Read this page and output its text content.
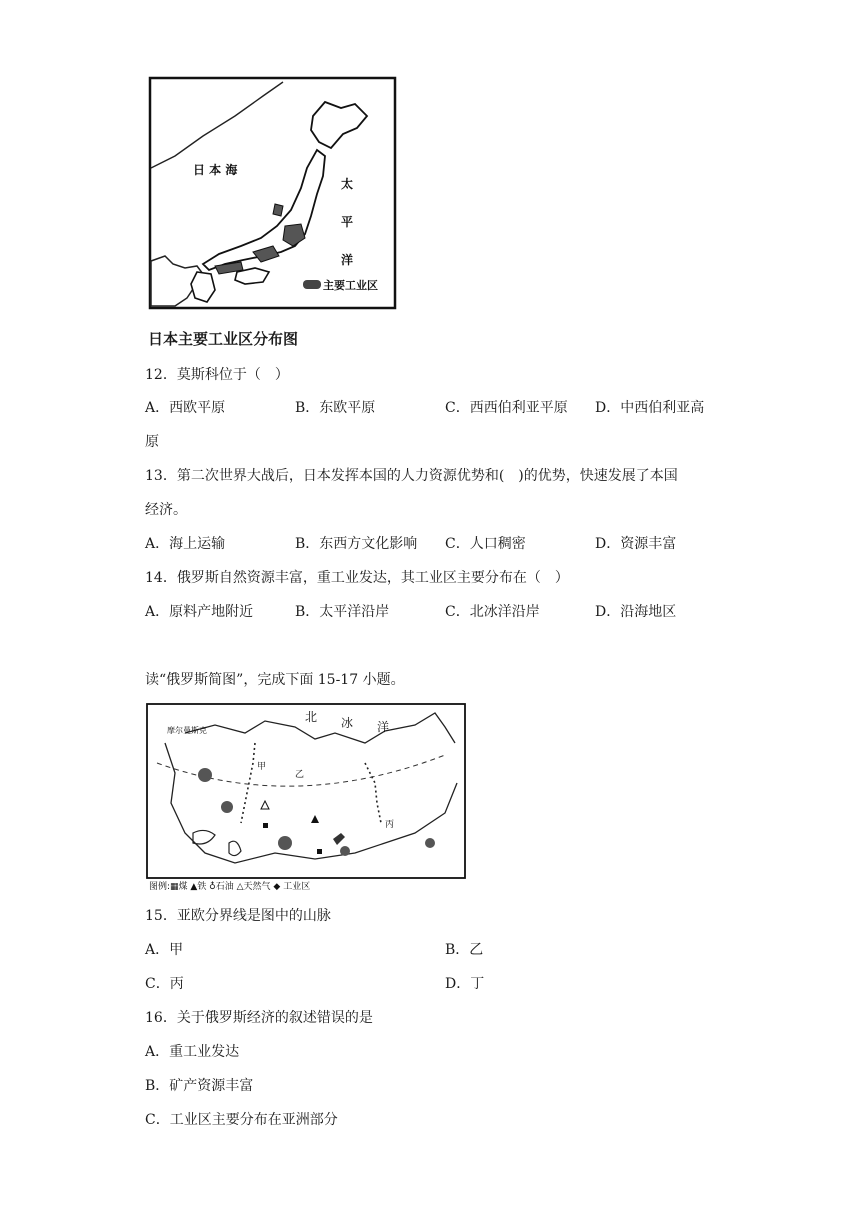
日 本 海
太
平
洋
主要工业区
日本主要工业区分布图
12．莫斯科位于（　）
A．西欧平原	B．东欧平原	C．西西伯利亚平原 D．中西伯利亚高
原
13．第二次世界大战后，日本发挥本国的人力资源优势和(　)的优势，快速发展了本国
经济。
A．海上运输	B．东西方文化影响 C．人口稠密	D．资源丰富
14．俄罗斯自然资源丰富，重工业发达，其工业区主要分布在（　）
A．原料产地附近	B．太平洋沿岸	C．北冰洋沿岸	D．沿海地区
读“俄罗斯简图”，完成下面 15-17 小题。
摩尔曼斯克
北 冰 洋
甲
乙
丙
图例:▦煤 ▲铁 ♁石油 △天然气 ◆ 工业区
15．亚欧分界线是图中的山脉
A．甲	B．乙
C．丙	D．丁
16．关于俄罗斯经济的叙述错误的是
A．重工业发达
B．矿产资源丰富
C．工业区主要分布在亚洲部分
